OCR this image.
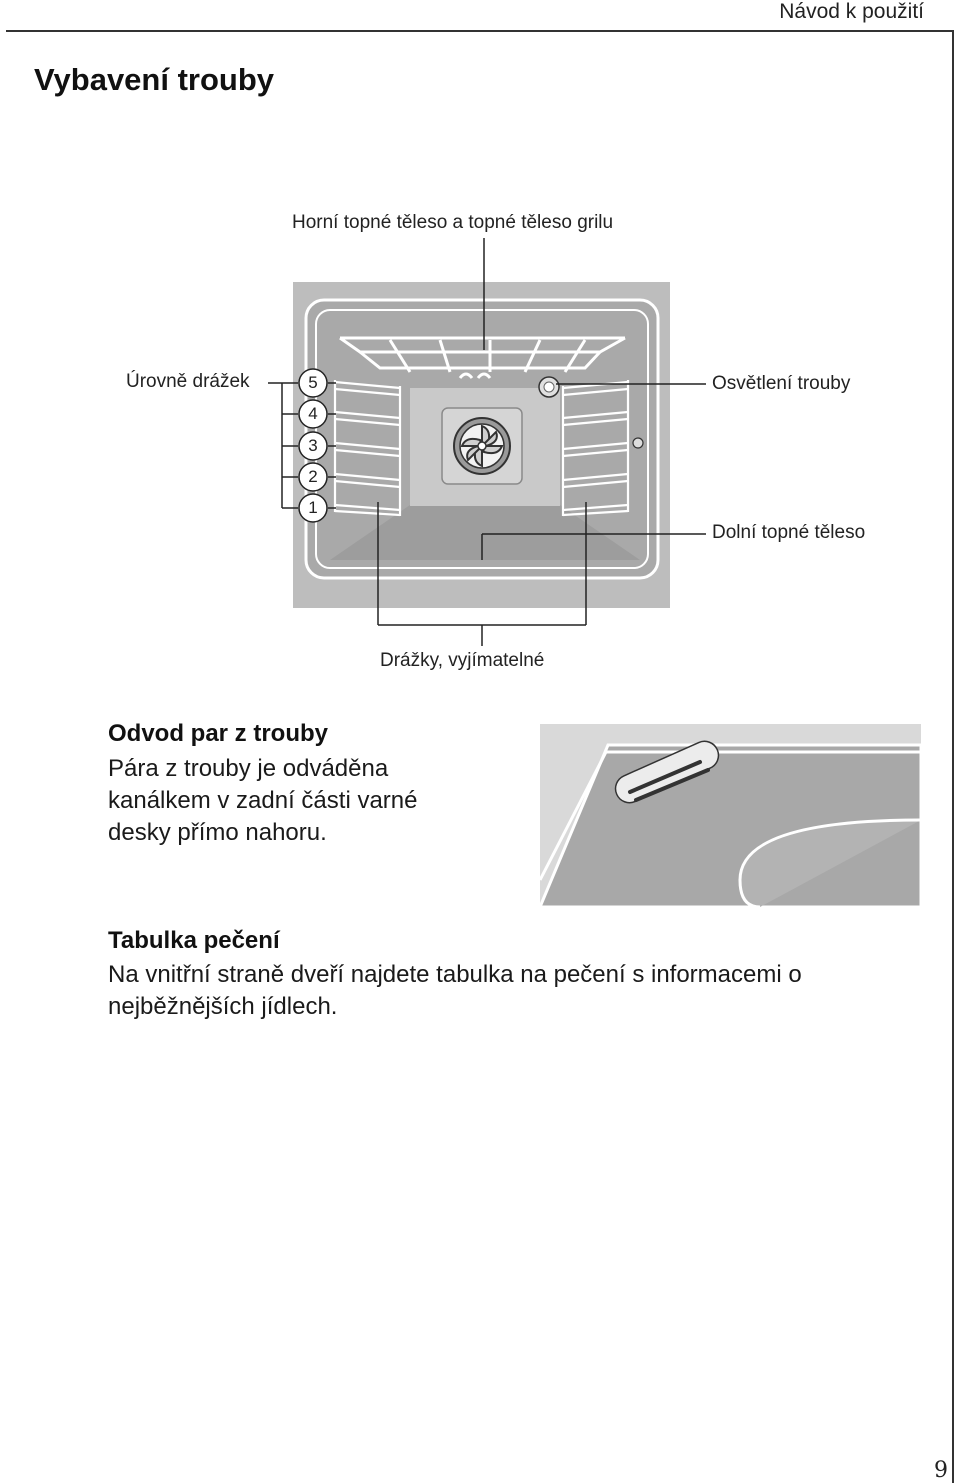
Návod k použití
9
Vybavení trouby
5
4
3
2
1
Horní topné těleso a topné těleso grilu
Úrovně drážek	Osvětlení trouby
Dolní topné těleso
Drážky, vyjímatelné
Odvod par z trouby
Pára z trouby je odváděna
kanálkem v zadní části varné
desky přímo nahoru.
Tabulka pečení
Na vnitřní straně dveří najdete tabulka na pečení s informacemi o
nejběžnějších jídlech.
